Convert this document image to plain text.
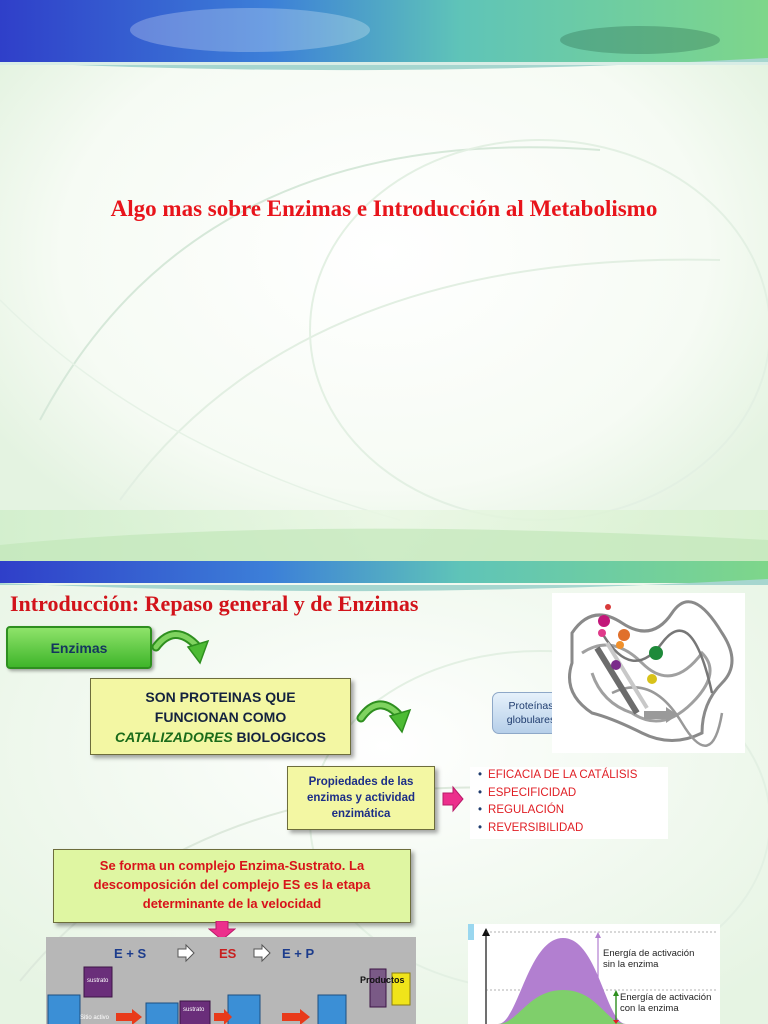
Algo mas sobre Enzimas e Introducción al Metabolismo
Introducción: Repaso general y de Enzimas
Enzimas
SON PROTEINAS QUE
FUNCIONAN COMO
CATALIZADORES BIOLOGICOS
Proteínas
globulares
Propiedades de las
enzimas y actividad
enzimática
• EFICACIA DE LA CATÁLISIS
• ESPECIFICIDAD
• REGULACIÓN
• REVERSIBILIDAD
Se forma un complejo Enzima-Sustrato. La
descomposición del complejo ES es la etapa
determinante de la velocidad
E + S	ES	E + P
sustrato
sustrato
Sitio activo
Productos
Energía de activación
sin la enzima
Energía de activación
con la enzima
